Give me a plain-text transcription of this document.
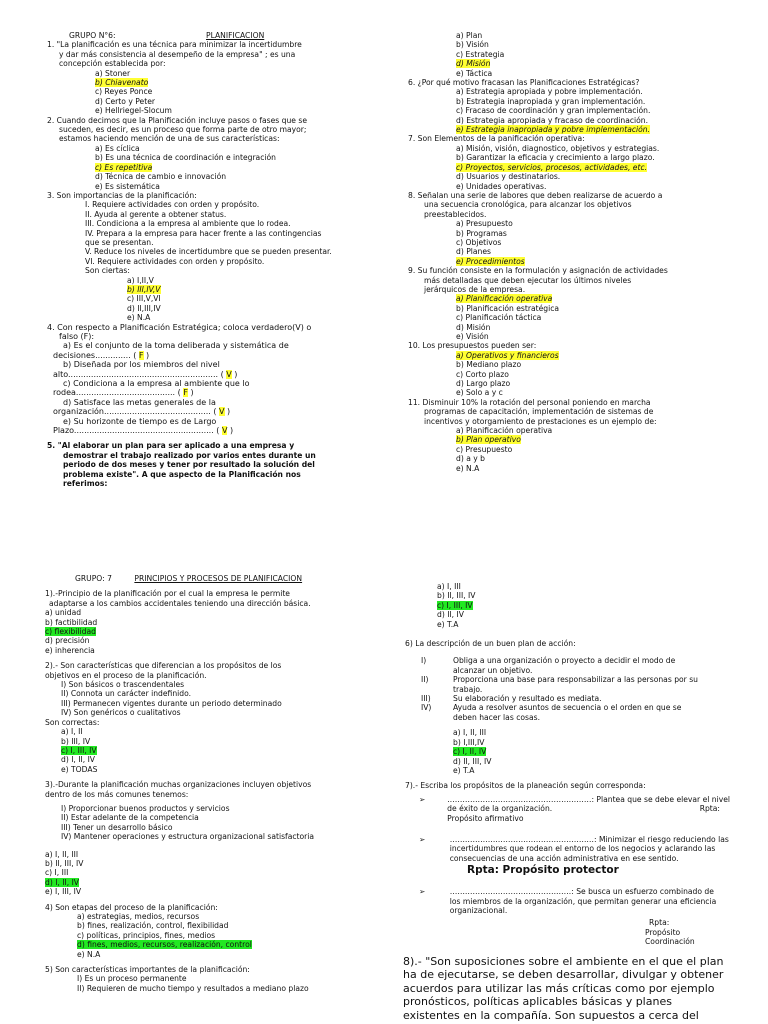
GRUPO N°6:	PLANIFICACION
1. "La planificación es una técnica para minimizar la incertidumbre
y dar más consistencia al desempeño de la empresa" ; es una
concepción establecida por:
a) Stoner
b) Chiavenato
c) Reyes Ponce
d) Certo y Peter
e) Hellriegel-Slocum
2. Cuando decimos que la Planificación incluye pasos o fases que se
suceden, es decir, es un proceso que forma parte de otro mayor;
estamos haciendo mención de una de sus características:
a) Es cíclica
b) Es una técnica de coordinación e integración
c) Es repetitiva
d) Técnica de cambio e innovación
e) Es sistemática
3. Son importancias de la planificación:
I. Requiere actividades con orden y propósito.
II. Ayuda al gerente a obtener status.
III. Condiciona a la empresa al ambiente que lo rodea.
IV. Prepara a la empresa para hacer frente a las contingencias
que se presentan.
V. Reduce los niveles de incertidumbre que se pueden presentar.
VI. Requiere actividades con orden y propósito.
Son ciertas:
a) I,II,V
b) III,IV,V
c) III,V,VI
d) II,III,IV
e) N.A
4. Con respecto a Planificación Estratégica; coloca verdadero(V) o
falso (F):
a) Es el conjunto de la toma deliberada y sistemática de
decisiones.............. ( F )
b) Diseñada por los miembros del nivel
alto........................................................... ( V )
c) Condiciona a la empresa al ambiente que lo
rodea....................................... ( F )
d) Satisface las metas generales de la
organización.......................................... ( V )
e) Su horizonte de tiempo es de Largo
Plazo....................................................... ( V )
5. "Al elaborar un plan para ser aplicado a una empresa y
demostrar el trabajo realizado por varios entes durante un
periodo de dos meses y tener por resultado la solución del
problema existe". A que aspecto de la Planificación nos
referimos:
a) Plan
b) Visión
c) Estrategia
d) Misión
e) Táctica
6. ¿Por qué motivo fracasan las Planificaciones Estratégicas?
a) Estrategia apropiada y pobre implementación.
b) Estrategia inapropiada y gran implementación.
c) Fracaso de coordinación y gran implementación.
d) Estrategia apropiada y fracaso de coordinación.
e) Estrategia inapropiada y pobre implementación.
7. Son Elementos de la panificación operativa:
a) Misión, visión, diagnostico, objetivos y estrategias.
b) Garantizar la eficacia y crecimiento a largo plazo.
c) Proyectos, servicios, procesos, actividades, etc.
d) Usuarios y destinatarios.
e) Unidades operativas.
8. Señalan una serie de labores que deben realizarse de acuerdo a
una secuencia cronológica, para alcanzar los objetivos
preestablecidos.
a) Presupuesto
b) Programas
c) Objetivos
d) Planes
e) Procedimientos
9. Su función consiste en la formulación y asignación de actividades
más detalladas que deben ejecutar los últimos niveles
jerárquicos de la empresa.
a) Planificación operativa
b) Planificación estratégica
c) Planificación táctica
d) Misión
e) Visión
10. Los presupuestos pueden ser:
a) Operativos y financieros
b) Mediano plazo
c) Corto plazo
d) Largo plazo
e) Solo a y c
11. Disminuir 10% la rotación del personal poniendo en marcha
programas de capacitación, implementación de sistemas de
incentivos y otorgamiento de prestaciones es un ejemplo de:
a) Planificación operativa
b) Plan operativo
c) Presupuesto
d) a y b
e) N.A
GRUPO: 7	PRINCIPIOS Y PROCESOS DE PLANIFICACION
1).-Principio de la planificación por el cual la empresa le permite
adaptarse a los cambios accidentales teniendo una dirección básica.
a) unidad
b) factibilidad
c) flexibilidad
d) precisión
e) inherencia
2).- Son características que diferencian a los propósitos de los
objetivos en el proceso de la planificación.
I) Son básicos o trascendentales
II) Connota un carácter indefinido.
III) Permanecen vigentes durante un periodo determinado
IV) Son genéricos o cualitativos
Son correctas:
a) I, II
b) III, IV
c) I, III, IV
d) I, II, IV
e) TODAS
3).-Durante la planificación muchas organizaciones incluyen objetivos
dentro de los más comunes tenemos:
I) Proporcionar buenos productos y servicios
II) Estar adelante de la competencia
III) Tener un desarrollo básico
IV) Mantener operaciones y estructura organizacional satisfactoria
a) I, II, III
b) II, III, IV
c) I, III
d) I, II, IV
e) I, III, IV
4) Son etapas del proceso de la planificación:
a) estrategias, medios, recursos
b) fines, realización, control, flexibilidad
c) políticas, principios, fines, medios
d) fines, medios, recursos, realización, control
e) N.A
5) Son características importantes de la planificación:
I) Es un proceso permanente
II) Requieren de mucho tiempo y resultados a mediano plazo
a) I, III
b) II, III, IV
c) I, III, IV
d) II, IV
e) T.A
6) La descripción de un buen plan de acción:
I)	Obliga a una organización o proyecto a decidir el modo de
alcanzar un objetivo.
II)	Proporciona una base para responsabilizar a las personas por su
trabajo.
III)	Su elaboración y resultado es mediata.
IV)	Ayuda a resolver asuntos de secuencia o el orden en que se
deben hacer las cosas.
a) I, II, III
b) I,III,IV
c) I, II, IV
d) II, III, IV
e) T.A
7).- Escriba los propósitos de la planeación según corresponda:
➢	…………………………………………………: Plantea que se debe elevar el nivel
de éxito de la organización.	Rpta:
Propósito afirmativo
➢	…………………………………………………: Minimizar el riesgo reduciendo las
incertidumbres que rodean el entorno de los negocios y aclarando las
consecuencias de una acción administrativa en ese sentido.
Rpta: Propósito protector
➢	…………………………………………: Se busca un esfuerzo combinado de
los miembros de la organización, que permitan generar una eficiencia
organizacional.
Rpta:
Propósito
Coordinación
8).- "Son suposiciones sobre el ambiente en el que el plan
ha de ejecutarse, se deben desarrollar, divulgar y obtener
acuerdos para utilizar las más críticas como por ejemplo
pronósticos, políticas aplicables básicas y planes
existentes en la compañía. Son supuestos a cerca del
